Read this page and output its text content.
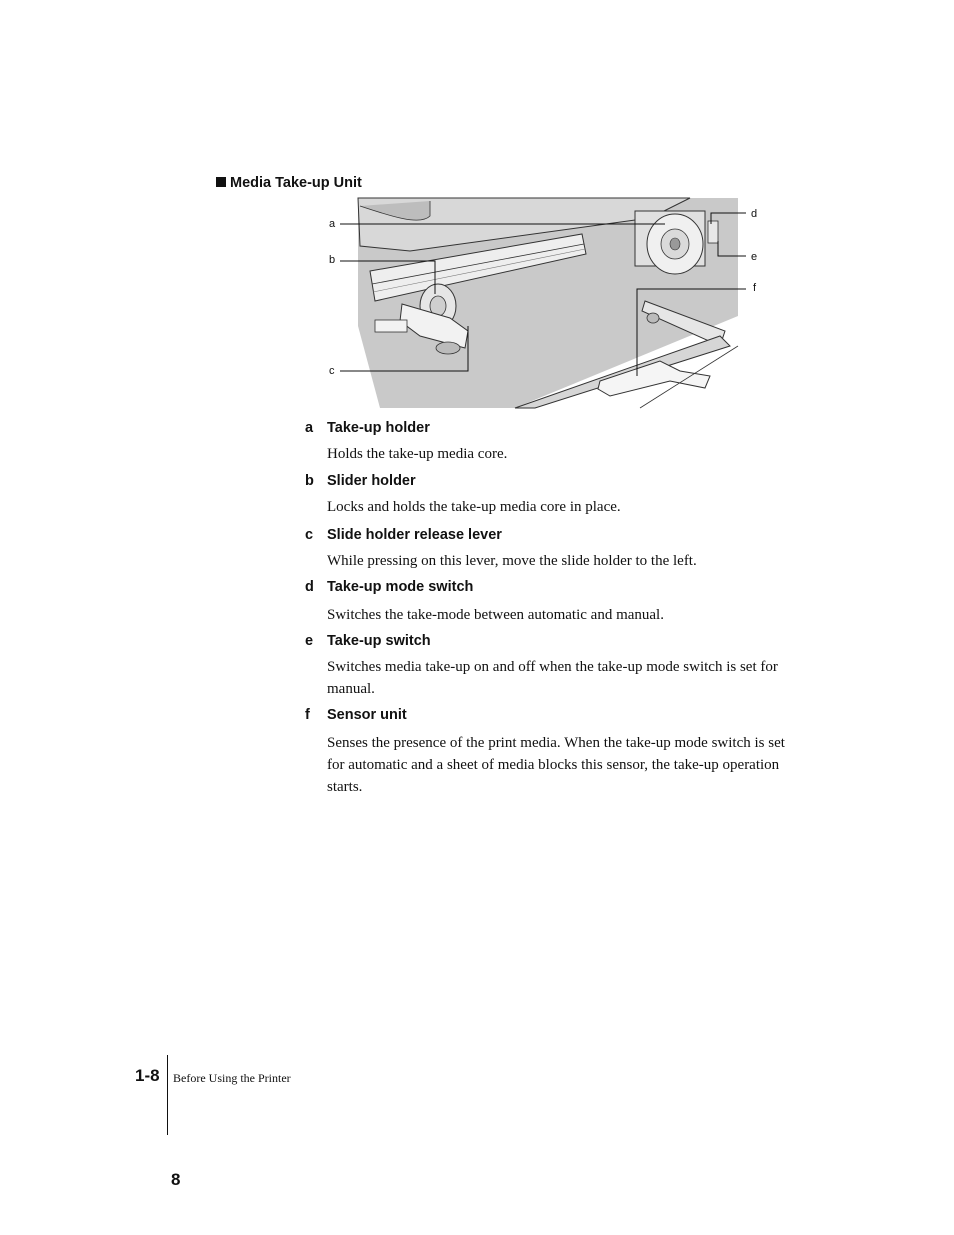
Media Take-up Unit
a
b
c
d
e
f
a Take-up holder
Holds the take-up media core.
b Slider holder
Locks and holds the take-up media core in place.
c Slide holder release lever
While pressing on this lever, move the slide holder to the left.
d Take-up mode switch
Switches the take-mode between automatic and manual.
e Take-up switch
Switches media take-up on and off when the take-up mode switch is set for manual.
f Sensor unit
Senses the presence of the print media. When the take-up mode switch is set for automatic and a sheet of media blocks this sensor, the take-up operation starts.
1-8 Before Using the Printer
8
